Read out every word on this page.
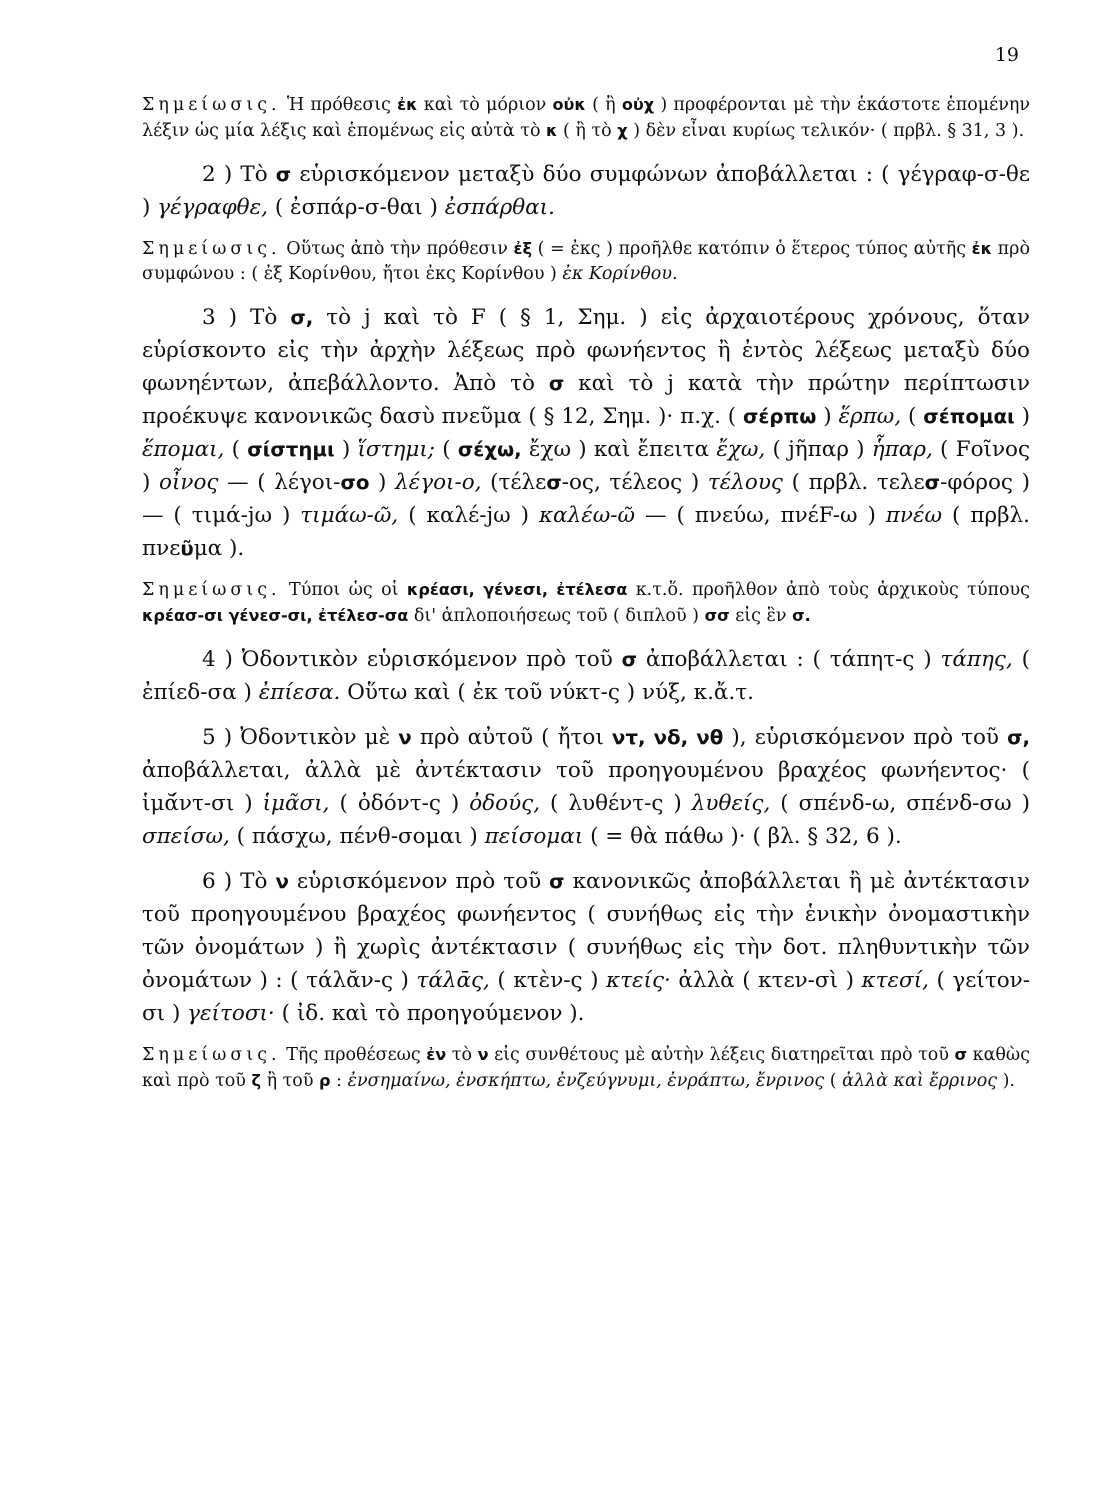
19

Σημείωσις. Ἡ πρόθεσις ἐκ καὶ τὸ μόριον οὐκ ( ἢ οὐχ ) προφέρονται μὲ τὴν ἑκάστοτε ἑπομένην λέξιν ὡς μία λέξις καὶ ἑπομένως εἰς αὐτὰ τὸ κ ( ἢ τὸ χ ) δὲν εἶναι κυρίως τελικόν· ( πρβλ. § 31, 3 ).

2 ) Τὸ σ εὑρισκόμενον μεταξὺ δύο συμφώνων ἀποβάλλεται : ( γέγραφ-σ-θε ) γέγραφθε, ( ἐσπάρ-σ-θαι ) ἐσπάρθαι.

Σημείωσις. Οὕτως ἀπὸ τὴν πρόθεσιν ἐξ ( = ἐκς ) προῆλθε κατόπιν ὁ ἕτερος τύπος αὐτῆς ἐκ πρὸ συμφώνου : ( ἐξ Κορίνθου, ἤτοι ἐκς Κορίνθου ) ἐκ Κορίνθου.

3 ) Τὸ σ, τὸ j καὶ τὸ F ( § 1, Σημ. ) εἰς ἀρχαιοτέρους χρόνους, ὅταν εὑρίσκοντο εἰς τὴν ἀρχὴν λέξεως πρὸ φωνήεντος ἢ ἐντὸς λέξεως μεταξὺ δύο φωνηέντων, ἀπεβάλλοντο. Ἀπὸ τὸ σ καὶ τὸ j κατὰ τὴν πρώτην περίπτωσιν προέκυψε κανονικῶς δασὺ πνεῦμα ( § 12, Σημ. )· π.χ. ( σέρπω ) ἕρπω, ( σέπομαι ) ἕπομαι, ( σίστημι ) ἵστημι; ( σέχω, ἔχω ) καὶ ἔπειτα ἔχω, ( jῆπαρ ) ἧπαρ, ( Fοῖνος ) οἶνος — ( λέγοι-σο ) λέγοι-ο, (τέλεσ-ος, τέλεος ) τέλους ( πρβλ. τελεσ-φόρος ) — ( τιμά-jω ) τιμάω-ῶ, ( καλέ-jω ) καλέω-ῶ — ( πνεύω, πνέF-ω ) πνέω ( πρβλ. πνεῦμα ).

Σημείωσις. Τύποι ὡς οἱ κρέασι, γένεσι, ἐτέλεσα κ.τ.ὅ. προῆλθον ἀπὸ τοὺς ἀρχικοὺς τύπους κρέασ-σι γένεσ-σι, ἐτέλεσ-σα δι' ἁπλοποιήσεως τοῦ ( διπλοῦ ) σσ εἰς ἓν σ.

4 ) Ὀδοντικὸν εὑρισκόμενον πρὸ τοῦ σ ἀποβάλλεται : ( τάπητ-ς ) τάπης, ( ἐπίεδ-σα ) ἐπίεσα. Οὕτω καὶ ( ἐκ τοῦ νύκτ-ς ) νύξ, κ.ἄ.τ.

5 ) Ὀδοντικὸν μὲ ν πρὸ αὐτοῦ ( ἤτοι ντ, νδ, νθ ), εὑρισκόμενον πρὸ τοῦ σ, ἀποβάλλεται, ἀλλὰ μὲ ἀντέκτασιν τοῦ προηγουμένου βραχέος φωνήεντος· ( ἱμᾰ́ντ-σι ) ἱμᾶσι, ( ὀδόντ-ς ) ὀδούς, ( λυθέντ-ς ) λυθείς, ( σπένδ-ω, σπένδ-σω ) σπείσω, ( πάσχω, πένθ-σομαι ) πείσομαι ( = θὰ πάθω )· ( βλ. § 32, 6 ).

6 ) Τὸ ν εὑρισκόμενον πρὸ τοῦ σ κανονικῶς ἀποβάλλεται ἢ μὲ ἀντέκτασιν τοῦ προηγουμένου βραχέος φωνήεντος ( συνήθως εἰς τὴν ἑνικὴν ὀνομαστικὴν τῶν ὀνομάτων ) ἢ χωρὶς ἀντέκτασιν ( συνήθως εἰς τὴν δοτ. πληθυντικὴν τῶν ὀνομάτων ) : ( τάλᾰν-ς ) τάλᾱς, ( κτὲν-ς ) κτείς· ἀλλὰ ( κτεν-σὶ ) κτεσί, ( γείτον-σι ) γείτοσι· ( ἰδ. καὶ τὸ προηγούμενον ).

Σημείωσις. Τῆς προθέσεως ἐν τὸ ν εἰς συνθέτους μὲ αὐτὴν λέξεις διατηρεῖται πρὸ τοῦ σ καθὼς καὶ πρὸ τοῦ ζ ἢ τοῦ ρ : ἐνσημαίνω, ἐνσκήπτω, ἐνζεύγνυμι, ἐνράπτω, ἔνρινος ( ἀλλὰ καὶ ἔρρινος ).
